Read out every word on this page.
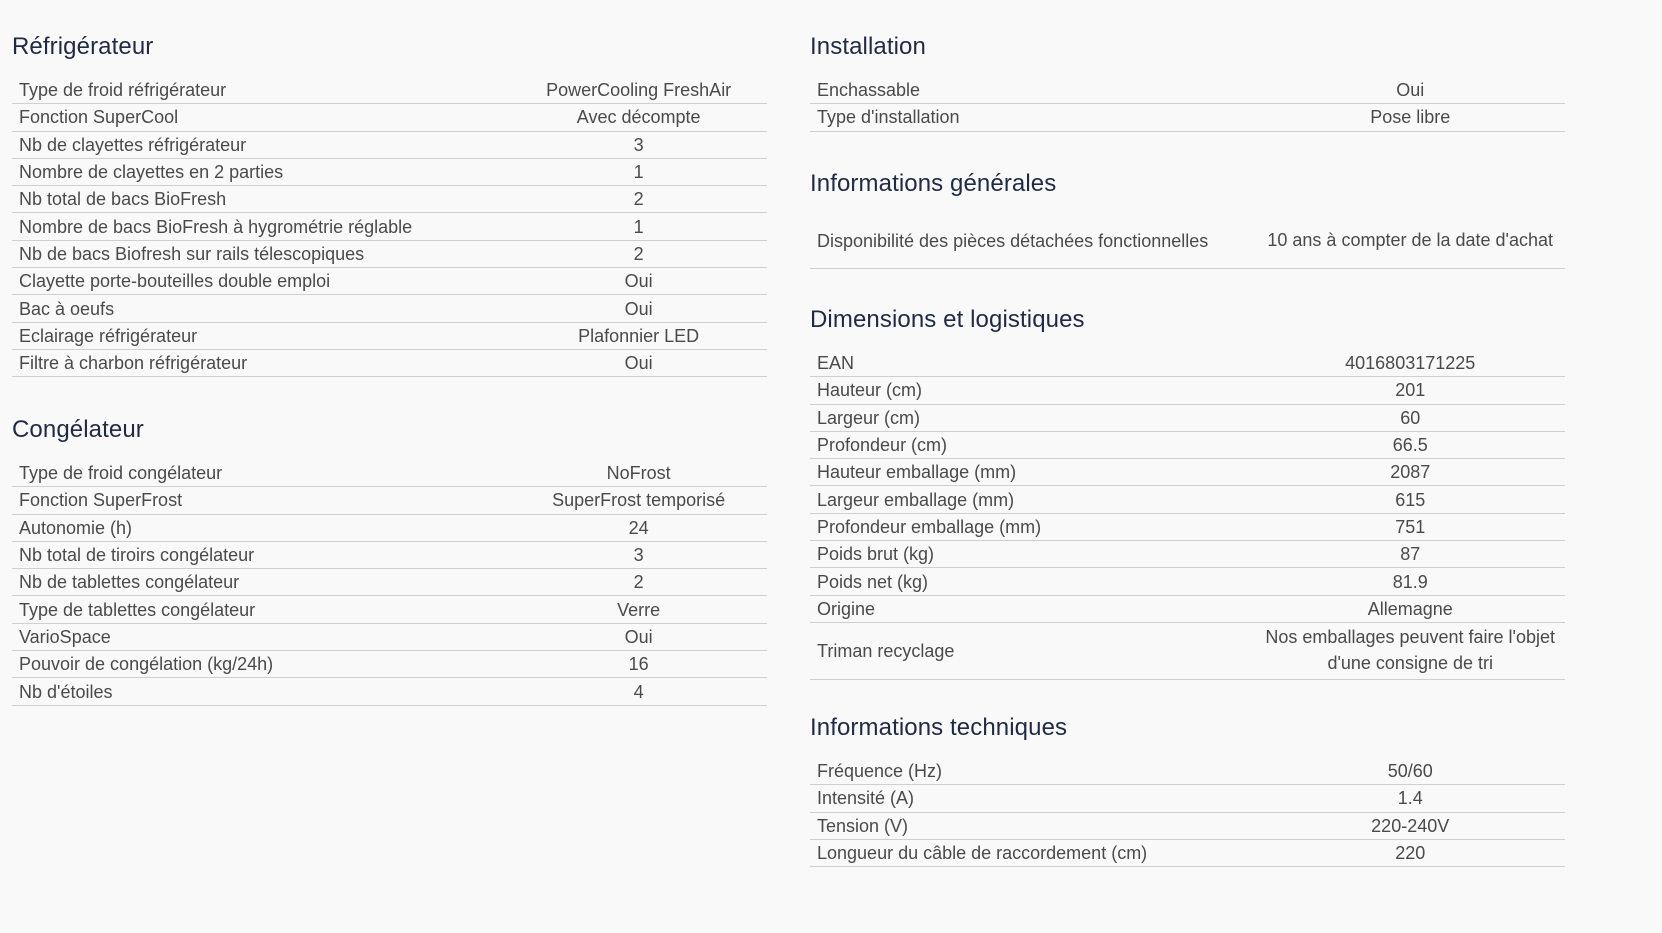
Réfrigérateur
Type de froid réfrigérateur	PowerCooling FreshAir
Fonction SuperCool	Avec décompte
Nb de clayettes réfrigérateur	3
Nombre de clayettes en 2 parties	1
Nb total de bacs BioFresh	2
Nombre de bacs BioFresh à hygrométrie réglable	1
Nb de bacs Biofresh sur rails télescopiques	2
Clayette porte-bouteilles double emploi	Oui
Bac à oeufs	Oui
Eclairage réfrigérateur	Plafonnier LED
Filtre à charbon réfrigérateur	Oui
Congélateur
Type de froid congélateur	NoFrost
Fonction SuperFrost	SuperFrost temporisé
Autonomie (h)	24
Nb total de tiroirs congélateur	3
Nb de tablettes congélateur	2
Type de tablettes congélateur	Verre
VarioSpace	Oui
Pouvoir de congélation (kg/24h)	16
Nb d'étoiles	4
Installation
Enchassable	Oui
Type d'installation	Pose libre
Informations générales
Disponibilité des pièces détachées fonctionnelles	10 ans à compter de la date d'achat
Dimensions et logistiques
EAN	4016803171225
Hauteur (cm)	201
Largeur (cm)	60
Profondeur (cm)	66.5
Hauteur emballage (mm)	2087
Largeur emballage (mm)	615
Profondeur emballage (mm)	751
Poids brut (kg)	87
Poids net (kg)	81.9
Origine	Allemagne
Triman recyclage	Nos emballages peuvent faire l'objet d'une consigne de tri
Informations techniques
Fréquence (Hz)	50/60
Intensité (A)	1.4
Tension (V)	220-240V
Longueur du câble de raccordement (cm)	220
